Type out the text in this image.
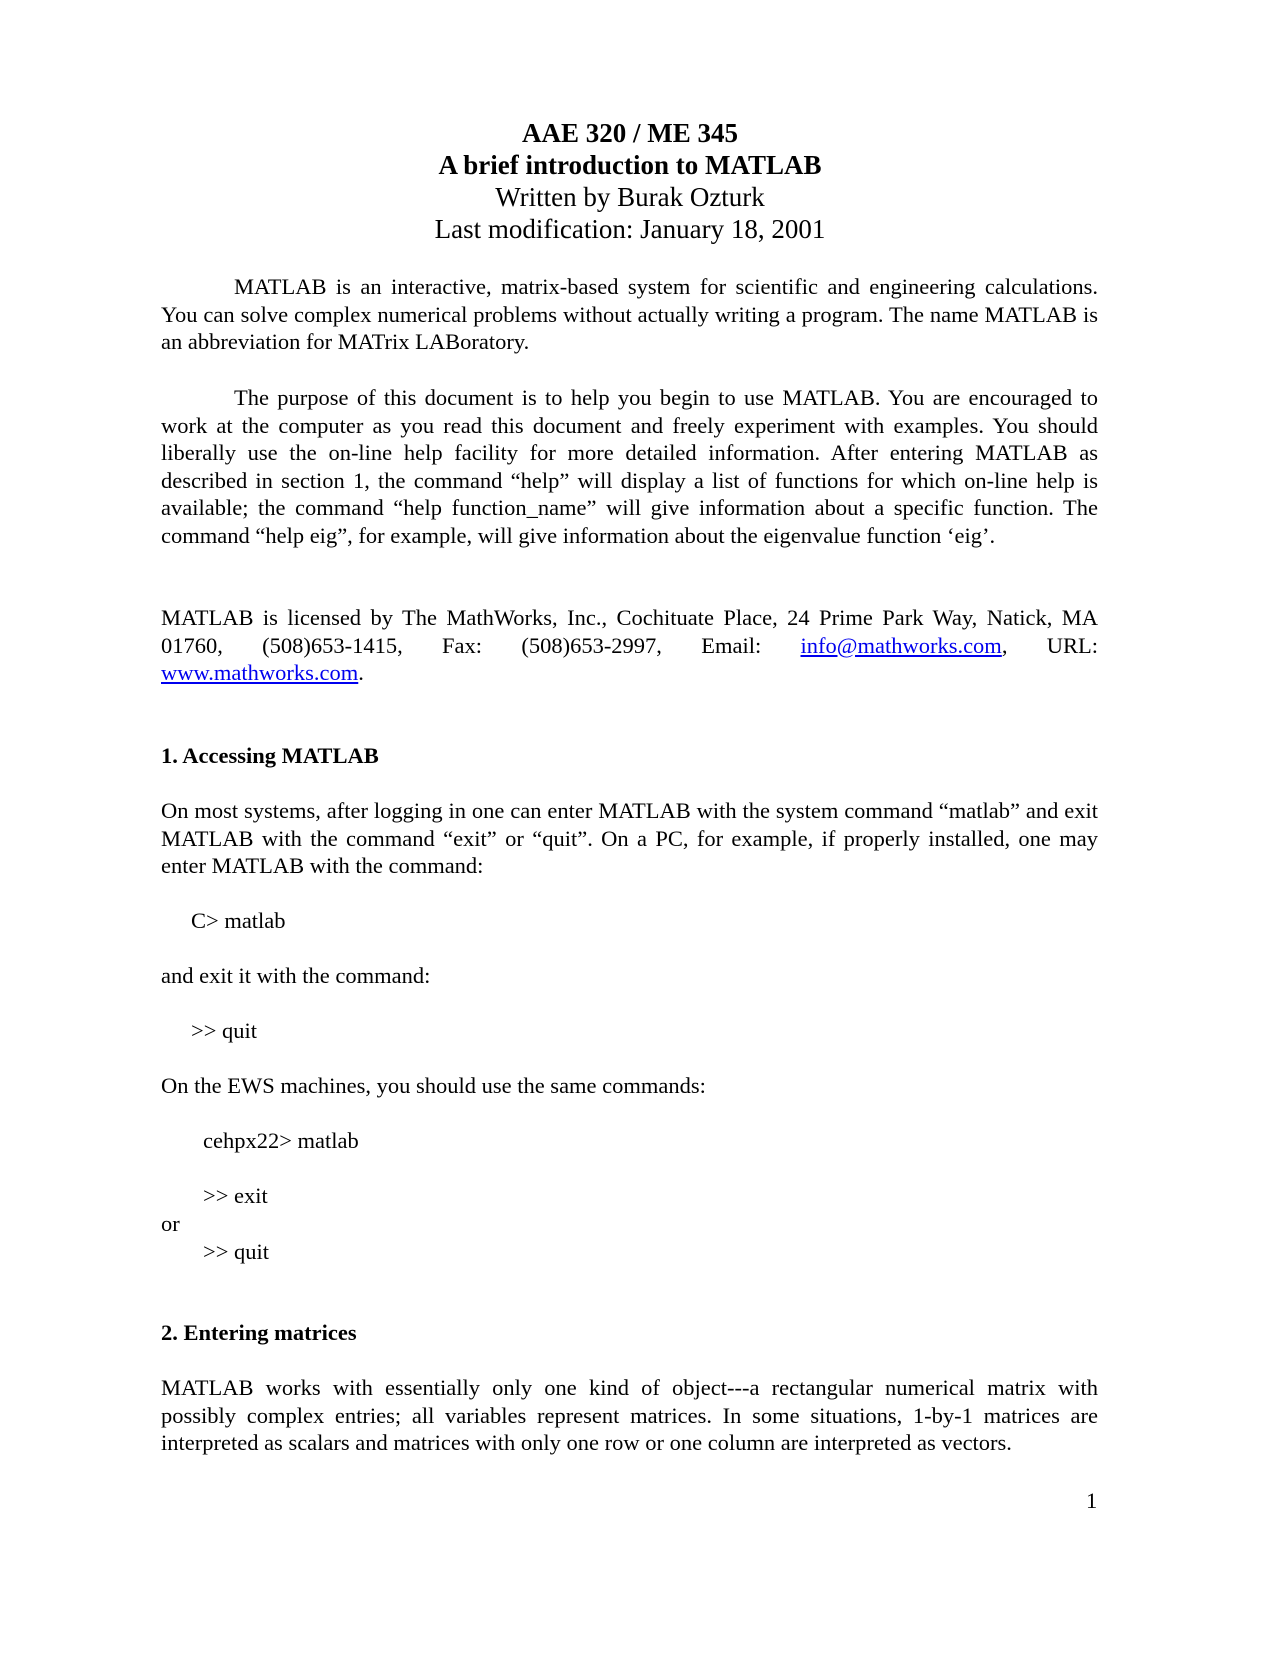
AAE 320 / ME 345
A brief introduction to MATLAB
Written by Burak Ozturk
Last modification: January 18, 2001

MATLAB is an interactive, matrix-based system for scientific and engineering calculations. You can solve complex numerical problems without actually writing a program. The name MATLAB is an abbreviation for MATrix LABoratory.

The purpose of this document is to help you begin to use MATLAB. You are encouraged to work at the computer as you read this document and freely experiment with examples. You should liberally use the on-line help facility for more detailed information. After entering MATLAB as described in section 1, the command “help” will display a list of functions for which on-line help is available; the command “help function_name” will give information about a specific function. The command “help eig”, for example, will give information about the eigenvalue function ‘eig’.

MATLAB is licensed by The MathWorks, Inc., Cochituate Place, 24 Prime Park Way, Natick, MA 01760, (508)653-1415, Fax: (508)653-2997, Email: info@mathworks.com, URL: www.mathworks.com.

1. Accessing MATLAB

On most systems, after logging in one can enter MATLAB with the system command “matlab” and exit MATLAB with the command “exit” or “quit”. On a PC, for example, if properly installed, one may enter MATLAB with the command:

C> matlab
and exit it with the command:
>> quit
On the EWS machines, you should use the same commands:
cehpx22> matlab
>> exit
or
>> quit
2. Entering matrices

MATLAB works with essentially only one kind of object---a rectangular numerical matrix with possibly complex entries; all variables represent matrices. In some situations, 1-by-1 matrices are interpreted as scalars and matrices with only one row or one column are interpreted as vectors.

1
